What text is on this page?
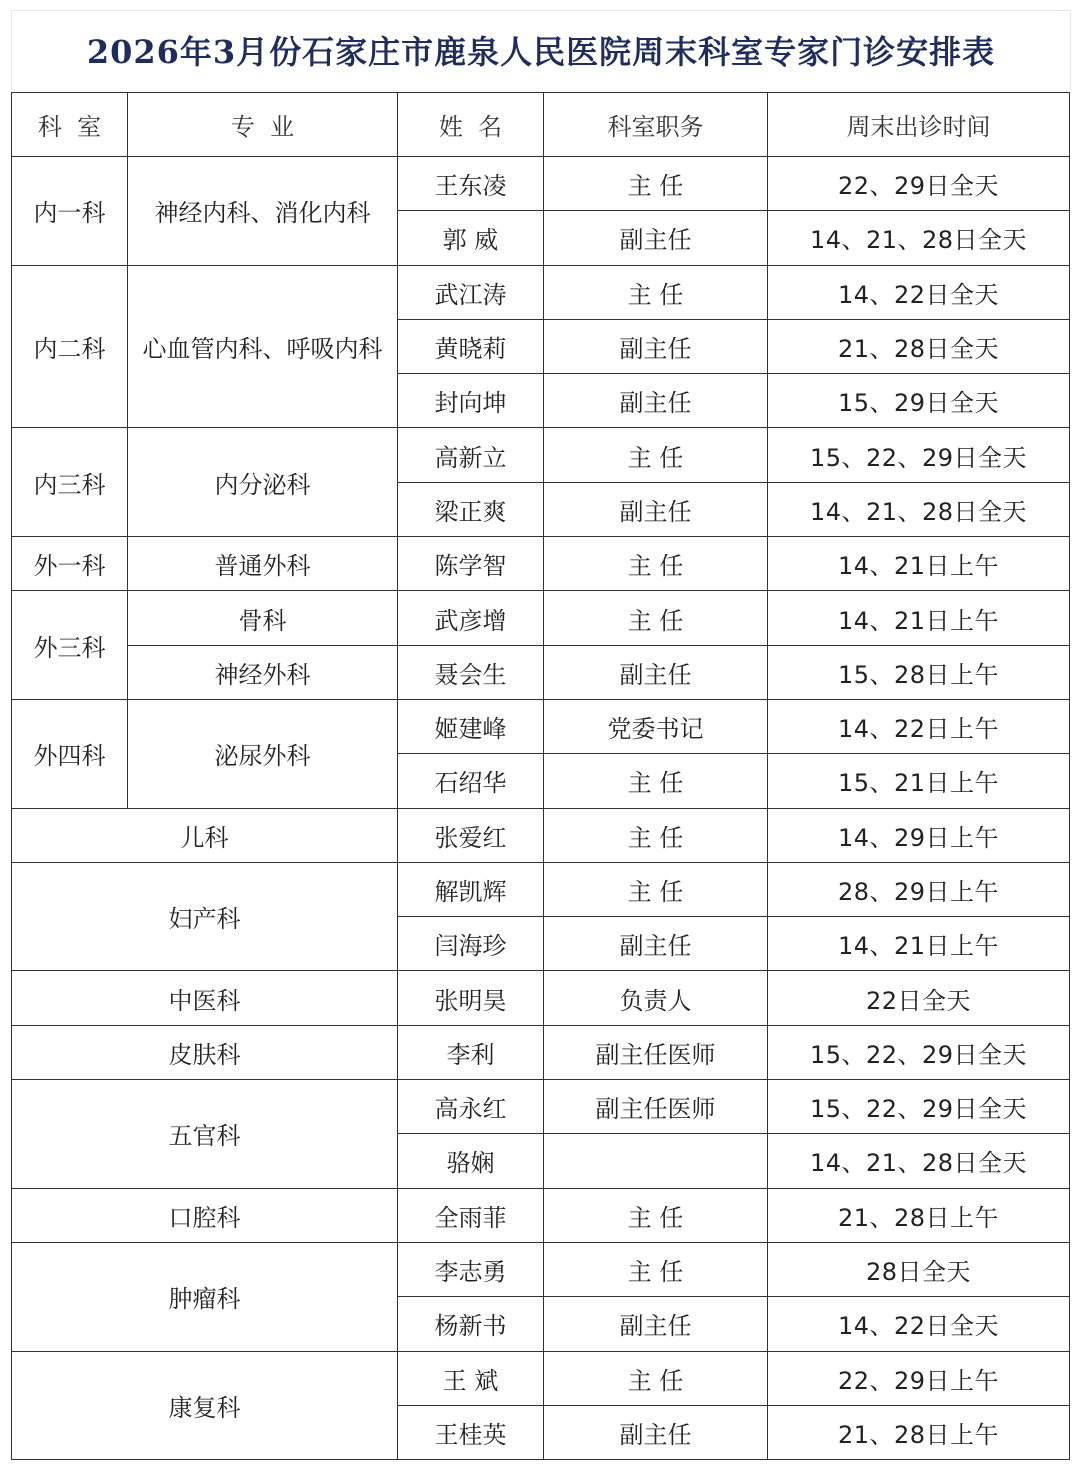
2026年3月份石家庄市鹿泉人民医院周末科室专家门诊安排表
科  室	专  业	姓  名	科室职务	周末出诊时间
内一科	神经内科、消化内科	王东凌	主 任	22、29日全天
		郭 威	副主任	14、21、28日全天
内二科	心血管内科、呼吸内科	武江涛	主 任	14、22日全天
		黄晓莉	副主任	21、28日全天
		封向坤	副主任	15、29日全天
内三科	内分泌科	高新立	主 任	15、22、29日全天
		梁正爽	副主任	14、21、28日全天
外一科	普通外科	陈学智	主 任	14、21日上午
外三科	骨科	武彦增	主 任	14、21日上午
	神经外科	聂会生	副主任	15、28日上午
外四科	泌尿外科	姬建峰	党委书记	14、22日上午
		石绍华	主 任	15、21日上午
儿科		张爱红	主 任	14、29日上午
妇产科		解凯辉	主 任	28、29日上午
		闫海珍	副主任	14、21日上午
中医科		张明昊	负责人	22日全天
皮肤科		李利	副主任医师	15、22、29日全天
五官科		高永红	副主任医师	15、22、29日全天
		骆娴		14、21、28日全天
口腔科		全雨菲	主 任	21、28日上午
肿瘤科		李志勇	主 任	28日全天
		杨新书	副主任	14、22日全天
康复科		王 斌	主 任	22、29日上午
		王桂英	副主任	21、28日上午
